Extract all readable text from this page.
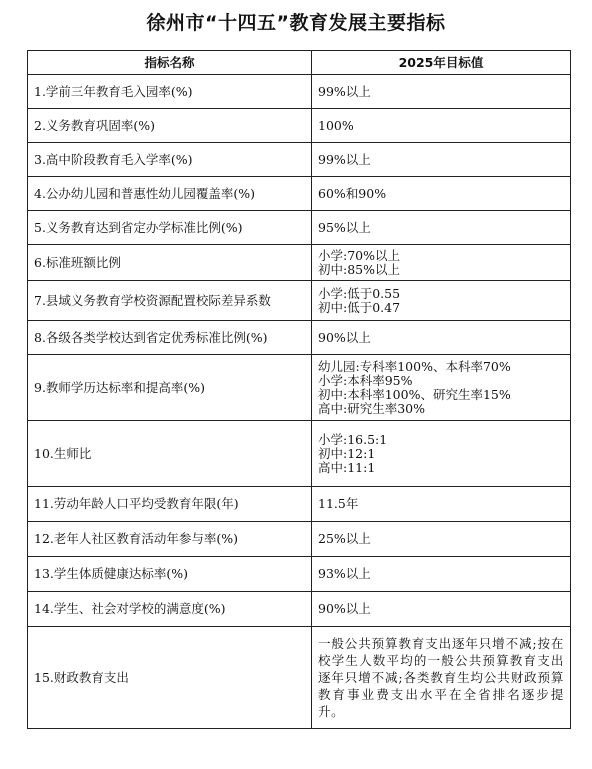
徐州市“十四五”教育发展主要指标
指标名称	2025年目标值
1.学前三年教育毛入园率(%)	99%以上
2.义务教育巩固率(%)	100%
3.高中阶段教育毛入学率(%)	99%以上
4.公办幼儿园和普惠性幼儿园覆盖率(%)	60%和90%
5.义务教育达到省定办学标准比例(%)	95%以上
6.标准班额比例	小学:70%以上
初中:85%以上
7.县域义务教育学校资源配置校际差异系数	小学:低于0.55
初中:低于0.47
8.各级各类学校达到省定优秀标准比例(%)	90%以上
9.教师学历达标率和提高率(%)	幼儿园:专科率100%、本科率70%
小学:本科率95%
初中:本科率100%、研究生率15%
高中:研究生率30%
10.生师比	小学:16.5:1
初中:12:1
高中:11:1
11.劳动年龄人口平均受教育年限(年)	11.5年
12.老年人社区教育活动年参与率(%)	25%以上
13.学生体质健康达标率(%)	93%以上
14.学生、社会对学校的满意度(%)	90%以上
15.财政教育支出	一般公共预算教育支出逐年只增不减;按在校学生人数平均的一般公共预算教育支出逐年只增不减;各类教育生均公共财政预算教育事业费支出水平在全省排名逐步提升。
